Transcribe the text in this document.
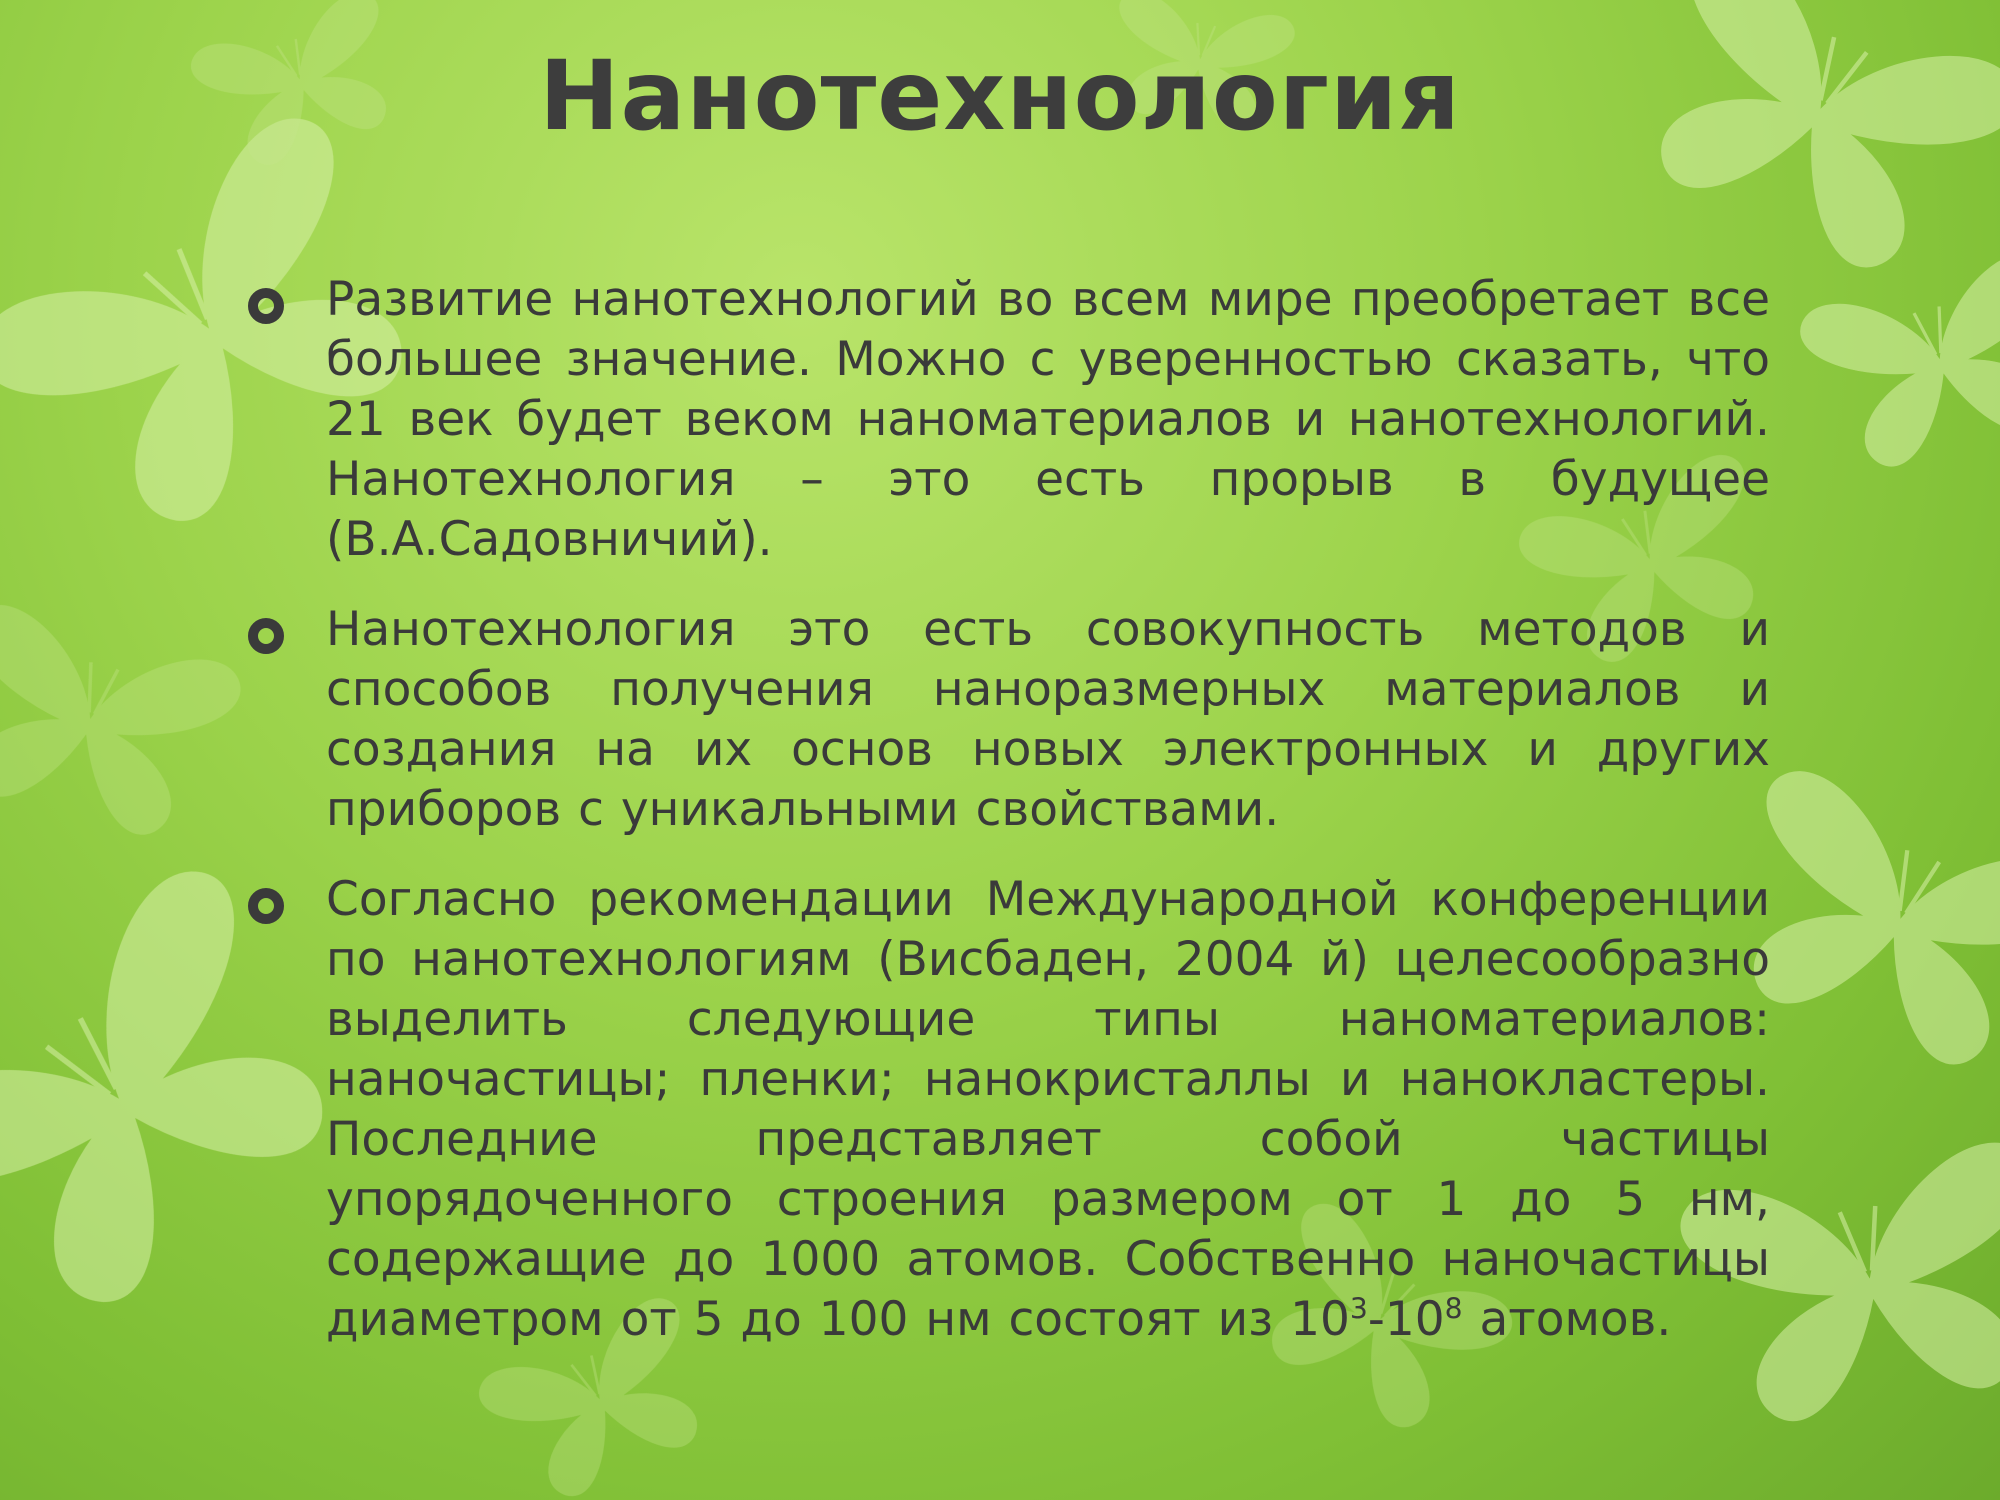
Нанотехнология

Развитие нанотехнологий во всем мире преобретает все большее значение. Можно с уверенностью сказать, что 21 век будет веком наноматериалов и нанотехнологий. Нанотехнология – это есть прорыв в будущее (В.А.Садовничий).

Нанотехнология это есть совокупность методов и способов получения наноразмерных материалов и создания на их основ новых электронных и других приборов с уникальными свойствами.

Согласно рекомендации Международной конференции по нанотехнологиям (Висбаден, 2004 й) целесообразно выделить следующие типы наноматериалов: наночастицы; пленки; нанокристаллы и нанокластеры. Последние представляет собой частицы упорядоченного строения размером от 1 до 5 нм, содержащие до 1000 атомов. Собственно наночастицы диаметром от 5 до 100 нм состоят из $10^3-10^8$ атомов.
